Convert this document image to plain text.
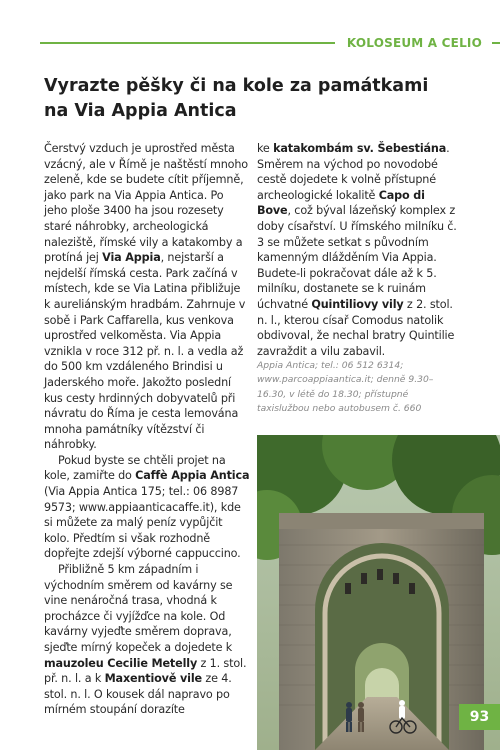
KOLOSEUM A CELIO
Vyrazte pěšky či na kole za památkami
na Via Appia Antica

Čerstvý vzduch je uprostřed města vzácný, ale v Římě je naštěstí mnoho zeleně, kde se budete cítit příjemně, jako park na Via Appia Antica. Po jeho ploše 3400 ha jsou rozesety staré náhrobky, archeologická naleziště, římské vily a katakomby a protíná jej Via Appia, nejstarší a nejdelší římská cesta. Park začíná v místech, kde se Via Latina přibližuje k aureliánským hradbám. Zahrnuje v sobě i Park Caffarella, kus venkova uprostřed velkoměsta. Via Appia vznikla v roce 312 př. n. l. a vedla až do 500 km vzdáleného Brindisi u Jaderského moře. Jakožto poslední kus cesty hrdinných dobyvatelů při návratu do Říma je cesta lemována mnoha památníky vítězství či náhrobky.

Pokud byste se chtěli projet na kole, zamiřte do Caffè Appia Antica (Via Appia Antica 175; tel.: 06 8987 9573; www.appiaanticacaffe.it), kde si můžete za malý peníz vypůjčit kolo. Předtím si však rozhodně dopřejte zdejší výborné cappuccino.

Přibližně 5 km západním i východním směrem od kavárny se vine nenáročná trasa, vhodná k procházce či vyjížďce na kole. Od kavárny vyjeďte směrem doprava, sjeďte mírný kopeček a dojedete k mauzoleu Cecilie Metelly z 1. stol. př. n. l. a k Maxentiově vile ze 4. stol. n. l. O kousek dál napravo po mírném stoupání dorazíte

ke katakombám sv. Šebestiána. Směrem na východ po novodobé cestě dojedete k volně přístupné archeologické lokalitě Capo di Bove, což býval lázeňský komplex z doby císařství. U římského milníku č. 3 se můžete setkat s původním kamenným dlážděním Via Appia. Budete-li pokračovat dále až k 5. milníku, dostanete se k ruinám úchvatné Quintiliovy vily z 2. stol. n. l., kterou císař Comodus natolik obdivoval, že nechal bratry Quintilie zavraždit a vilu zabavil.

Appia Antica; tel.: 06 512 6314; www.parcoappiaantica.it; denně 9.30–16.30, v létě do 18.30; přístupné taxislužbou nebo autobusem č. 660

93
